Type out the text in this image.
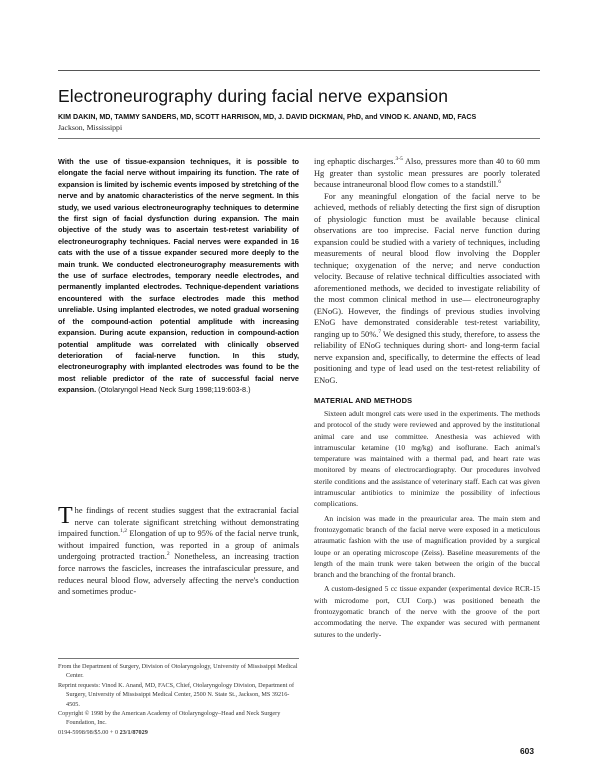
Electroneurography during facial nerve expansion

KIM DAKIN, MD, TAMMY SANDERS, MD, SCOTT HARRISON, MD, J. DAVID DICKMAN, PhD, and VINOD K. ANAND, MD, FACS

Jackson, Mississippi

With the use of tissue-expansion techniques, it is possible to elongate the facial nerve without impairing its function. The rate of expansion is limited by ischemic events imposed by stretching of the nerve and by anatomic characteristics of the nerve segment. In this study, we used various electroneurography techniques to determine the first sign of facial dysfunction during expansion. The main objective of the study was to ascertain test-retest variability of electroneurography techniques. Facial nerves were expanded in 16 cats with the use of a tissue expander secured more deeply to the main trunk. We conducted electroneurography measurements with the use of surface electrodes, temporary needle electrodes, and permanently implanted electrodes. Technique-dependent variations encountered with the surface electrodes made this method unreliable. Using implanted electrodes, we noted gradual worsening of the compound-action potential amplitude with increasing expansion. During acute expansion, reduction in compound-action potential amplitude was correlated with clinically observed deterioration of facial-nerve function. In this study, electroneurography with implanted electrodes was found to be the most reliable predictor of the rate of successful facial nerve expansion. (Otolaryngol Head Neck Surg 1998;119:603-8.)

The findings of recent studies suggest that the extracranial facial nerve can tolerate significant stretching without demonstrating impaired function.$^{1,2}$ Elongation of up to 95% of the facial nerve trunk, without impaired function, was reported in a group of animals undergoing protracted traction.$^2$ Nonetheless, an increasing traction force narrows the fascicles, increases the intrafascicular pressure, and reduces neural blood flow, adversely affecting the nerve's conduction and sometimes produc-

From the Department of Surgery, Division of Otolaryngology, University of Mississippi Medical Center.

Reprint requests: Vinod K. Anand, MD, FACS, Chief, Otolaryngology Division, Department of Surgery, University of Mississippi Medical Center, 2500 N. State St., Jackson, MS 39216-4505.

Copyright © 1998 by the American Academy of Otolaryngology–Head and Neck Surgery Foundation, Inc.

0194-5998/98/$5.00 + 0 23/1/87029

ing ephaptic discharges.$^{3-5}$ Also, pressures more than 40 to 60 mm Hg greater than systolic mean pressures are poorly tolerated because intraneuronal blood flow comes to a standstill.$^6$

For any meaningful elongation of the facial nerve to be achieved, methods of reliably detecting the first sign of disruption of physiologic function must be available because clinical observations are too imprecise. Facial nerve function during expansion could be studied with a variety of techniques, including measurements of neural blood flow involving the Doppler technique; oxygenation of the nerve; and nerve conduction velocity. Because of relative technical difficulties associated with aforementioned methods, we decided to investigate reliability of the most common clinical method in use— electroneurography (ENoG). However, the findings of previous studies involving ENoG have demonstrated considerable test-retest variability, ranging up to 50%.$^7$ We designed this study, therefore, to assess the reliability of ENoG techniques during short- and long-term facial nerve expansion and, specifically, to determine the effects of lead positioning and type of lead used on the test-retest reliability of ENoG.

MATERIAL AND METHODS

Sixteen adult mongrel cats were used in the experiments. The methods and protocol of the study were reviewed and approved by the institutional animal care and use committee. Anesthesia was achieved with intramuscular ketamine (10 mg/kg) and isoflurane. Each animal's temperature was maintained with a thermal pad, and heart rate was monitored by means of electrocardiography. Our procedures involved sterile conditions and the assistance of veterinary staff. Each cat was given intramuscular antibiotics to minimize the possibility of infectious complications.

An incision was made in the preauricular area. The main stem and frontozygomatic branch of the facial nerve were exposed in a meticulous atraumatic fashion with the use of magnification provided by a surgical loupe or an operating microscope (Zeiss). Baseline measurements of the length of the main trunk were taken between the origin of the buccal branch and the branching of the frontal branch.

A custom-designed 5 cc tissue expander (experimental device RCR-15 with microdome port, CUI Corp.) was positioned beneath the frontozygomatic branch of the nerve with the groove of the port accommodating the nerve. The expander was secured with permanent sutures to the underly-

603
